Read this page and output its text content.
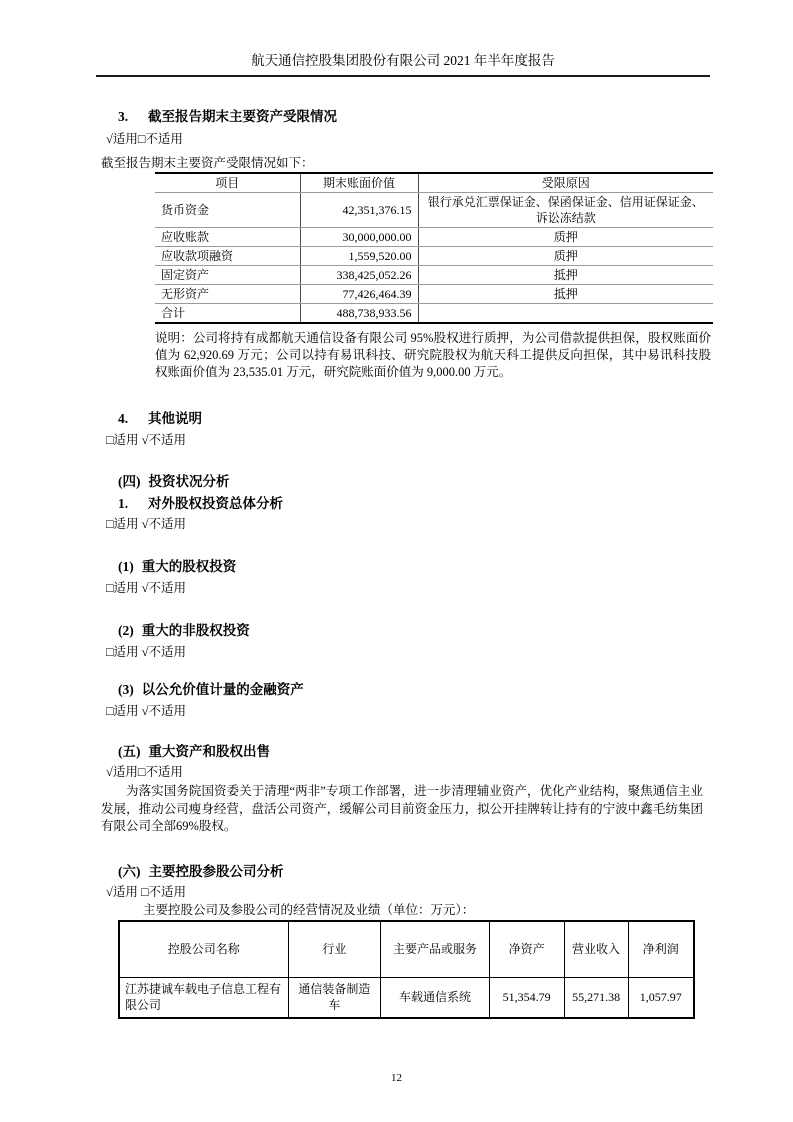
航天通信控股集团股份有限公司 2021 年半年度报告
3. 截至报告期末主要资产受限情况
√适用□不适用
截至报告期末主要资产受限情况如下：
项目	期末账面价值	受限原因
货币资金	42,351,376.15	银行承兑汇票保证金、保函保证金、信用证保证金、诉讼冻结款
应收账款	30,000,000.00	质押
应收款项融资	1,559,520.00	质押
固定资产	338,425,052.26	抵押
无形资产	77,426,464.39	抵押
合计	488,738,933.56	
说明：公司将持有成都航天通信设备有限公司 95%股权进行质押，为公司借款提供担保，股权账面价值为 62,920.69 万元；公司以持有易讯科技、研究院股权为航天科工提供反向担保，其中易讯科技股权账面价值为 23,535.01 万元，研究院账面价值为 9,000.00 万元。
4. 其他说明
□适用 √不适用
(四) 投资状况分析
1. 对外股权投资总体分析
□适用 √不适用
(1) 重大的股权投资
□适用 √不适用
(2) 重大的非股权投资
□适用 √不适用
(3) 以公允价值计量的金融资产
□适用 √不适用
(五) 重大资产和股权出售
√适用□不适用
为落实国务院国资委关于清理“两非”专项工作部署，进一步清理辅业资产，优化产业结构，聚焦通信主业发展，推动公司瘦身经营，盘活公司资产，缓解公司目前资金压力，拟公开挂牌转让持有的宁波中鑫毛纺集团有限公司全部69%股权。
(六) 主要控股参股公司分析
√适用 □不适用
主要控股公司及参股公司的经营情况及业绩（单位：万元）：
控股公司名称	行业	主要产品或服务	净资产	营业收入	净利润
江苏捷诚车载电子信息工程有限公司	通信装备制造车	车载通信系统	51,354.79	55,271.38	1,057.97
12
